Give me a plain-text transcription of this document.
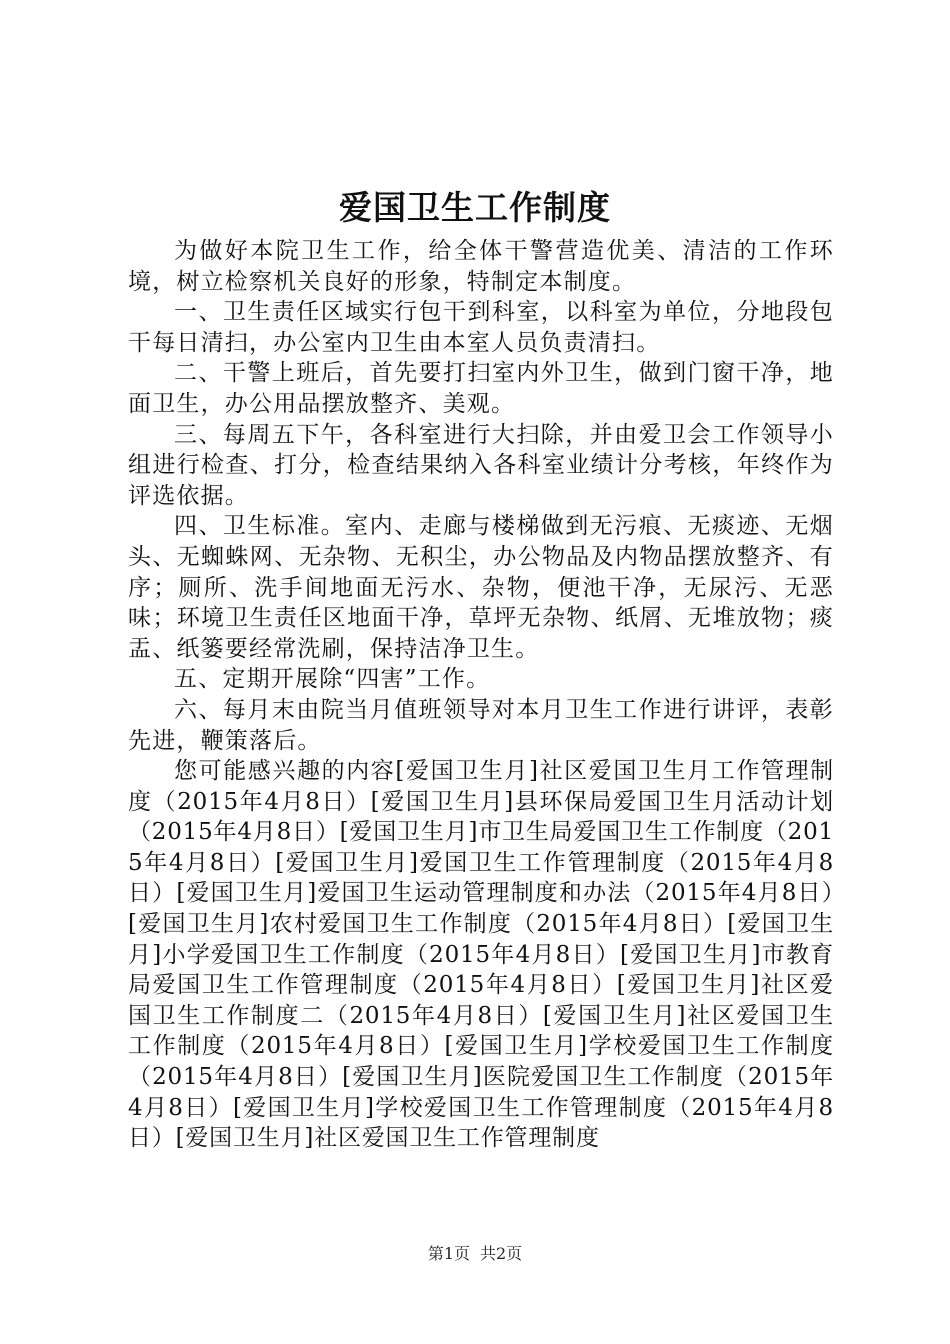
爱国卫生工作制度

为做好本院卫生工作，给全体干警营造优美、清洁的工作环境，树立检察机关良好的形象，特制定本制度。

一、卫生责任区域实行包干到科室，以科室为单位，分地段包干每日清扫，办公室内卫生由本室人员负责清扫。

二、干警上班后，首先要打扫室内外卫生，做到门窗干净，地面卫生，办公用品摆放整齐、美观。

三、每周五下午，各科室进行大扫除，并由爱卫会工作领导小组进行检查、打分，检查结果纳入各科室业绩计分考核，年终作为评选依据。

四、卫生标准。室内、走廊与楼梯做到无污痕、无痰迹、无烟头、无蜘蛛网、无杂物、无积尘，办公物品及内物品摆放整齐、有序；厕所、洗手间地面无污水、杂物，便池干净，无尿污、无恶味；环境卫生责任区地面干净，草坪无杂物、纸屑、无堆放物；痰盂、纸篓要经常洗刷，保持洁净卫生。

五、定期开展除“四害”工作。

六、每月末由院当月值班领导对本月卫生工作进行讲评，表彰先进，鞭策落后。

您可能感兴趣的内容[爱国卫生月]社区爱国卫生月工作管理制度（2015年4月8日）[爱国卫生月]县环保局爱国卫生月活动计划（2015年4月8日）[爱国卫生月]市卫生局爱国卫生工作制度（2015年4月8日）[爱国卫生月]爱国卫生工作管理制度（2015年4月8日）[爱国卫生月]爱国卫生运动管理制度和办法（2015年4月8日）[爱国卫生月]农村爱国卫生工作制度（2015年4月8日）[爱国卫生月]小学爱国卫生工作制度（2015年4月8日）[爱国卫生月]市教育局爱国卫生工作管理制度（2015年4月8日）[爱国卫生月]社区爱国卫生工作制度二（2015年4月8日）[爱国卫生月]社区爱国卫生工作制度（2015年4月8日）[爱国卫生月]学校爱国卫生工作制度（2015年4月8日）[爱国卫生月]医院爱国卫生工作制度（2015年4月8日）[爱国卫生月]学校爱国卫生工作管理制度（2015年4月8日）[爱国卫生月]社区爱国卫生工作管理制度

第1页 共2页
